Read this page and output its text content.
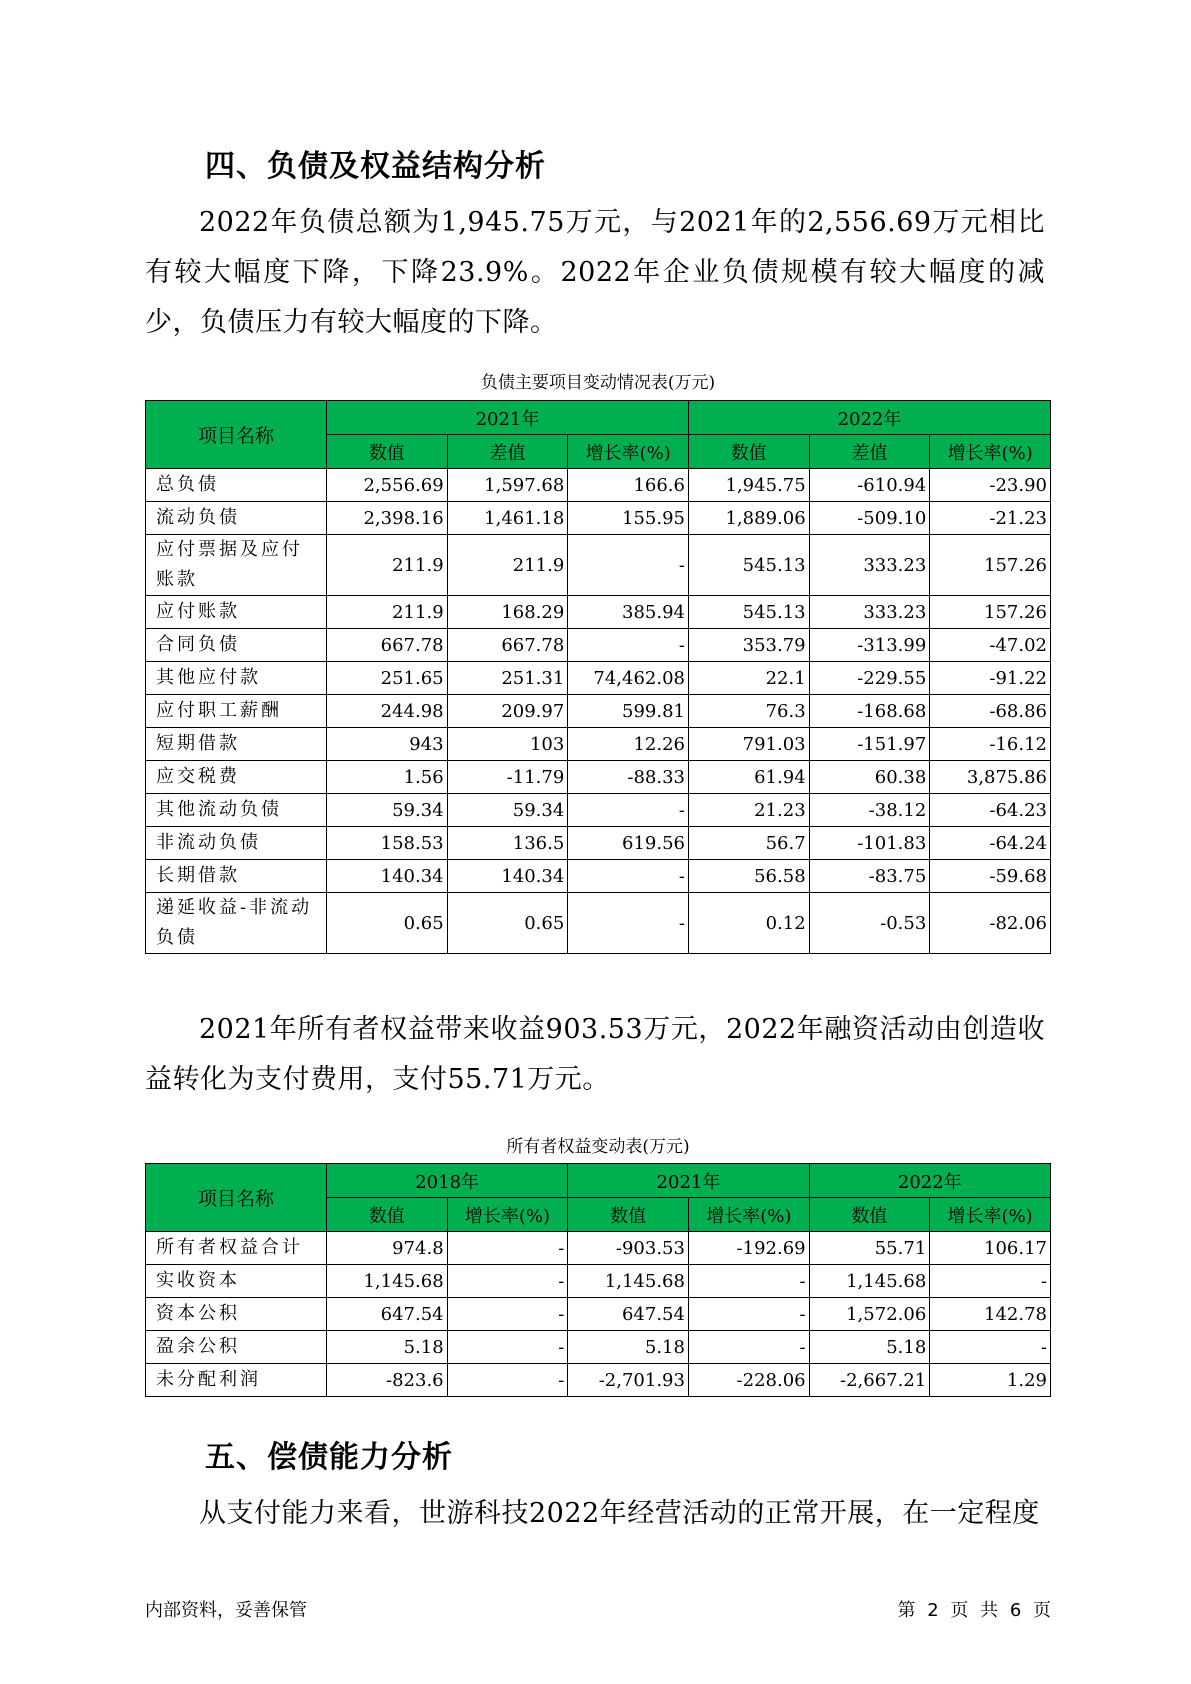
四、负债及权益结构分析

2022年负债总额为1,945.75万元，与2021年的2,556.69万元相比有较大幅度下降，下降23.9%。2022年企业负债规模有较大幅度的减少，负债压力有较大幅度的下降。

负债主要项目变动情况表(万元)

项目名称	2021年			2022年		
	数值	差值	增长率(%)	数值	差值	增长率(%)
总负债	2,556.69	1,597.68	166.6	1,945.75	-610.94	-23.90
流动负债	2,398.16	1,461.18	155.95	1,889.06	-509.10	-21.23
应付票据及应付账款	211.9	211.9	-	545.13	333.23	157.26
应付账款	211.9	168.29	385.94	545.13	333.23	157.26
合同负债	667.78	667.78	-	353.79	-313.99	-47.02
其他应付款	251.65	251.31	74,462.08	22.1	-229.55	-91.22
应付职工薪酬	244.98	209.97	599.81	76.3	-168.68	-68.86
短期借款	943	103	12.26	791.03	-151.97	-16.12
应交税费	1.56	-11.79	-88.33	61.94	60.38	3,875.86
其他流动负债	59.34	59.34	-	21.23	-38.12	-64.23
非流动负债	158.53	136.5	619.56	56.7	-101.83	-64.24
长期借款	140.34	140.34	-	56.58	-83.75	-59.68
递延收益-非流动负债	0.65	0.65	-	0.12	-0.53	-82.06

2021年所有者权益带来收益903.53万元，2022年融资活动由创造收益转化为支付费用，支付55.71万元。

所有者权益变动表(万元)

项目名称	2018年		2021年		2022年	
	数值	增长率(%)	数值	增长率(%)	数值	增长率(%)
所有者权益合计	974.8	-	-903.53	-192.69	55.71	106.17
实收资本	1,145.68	-	1,145.68	-	1,145.68	-
资本公积	647.54	-	647.54	-	1,572.06	142.78
盈余公积	5.18	-	5.18	-	5.18	-
未分配利润	-823.6	-	-2,701.93	-228.06	-2,667.21	1.29
五、偿债能力分析

从支付能力来看，世游科技2022年经营活动的正常开展，在一定程度

内部资料，妥善保管	第 2 页 共 6 页
